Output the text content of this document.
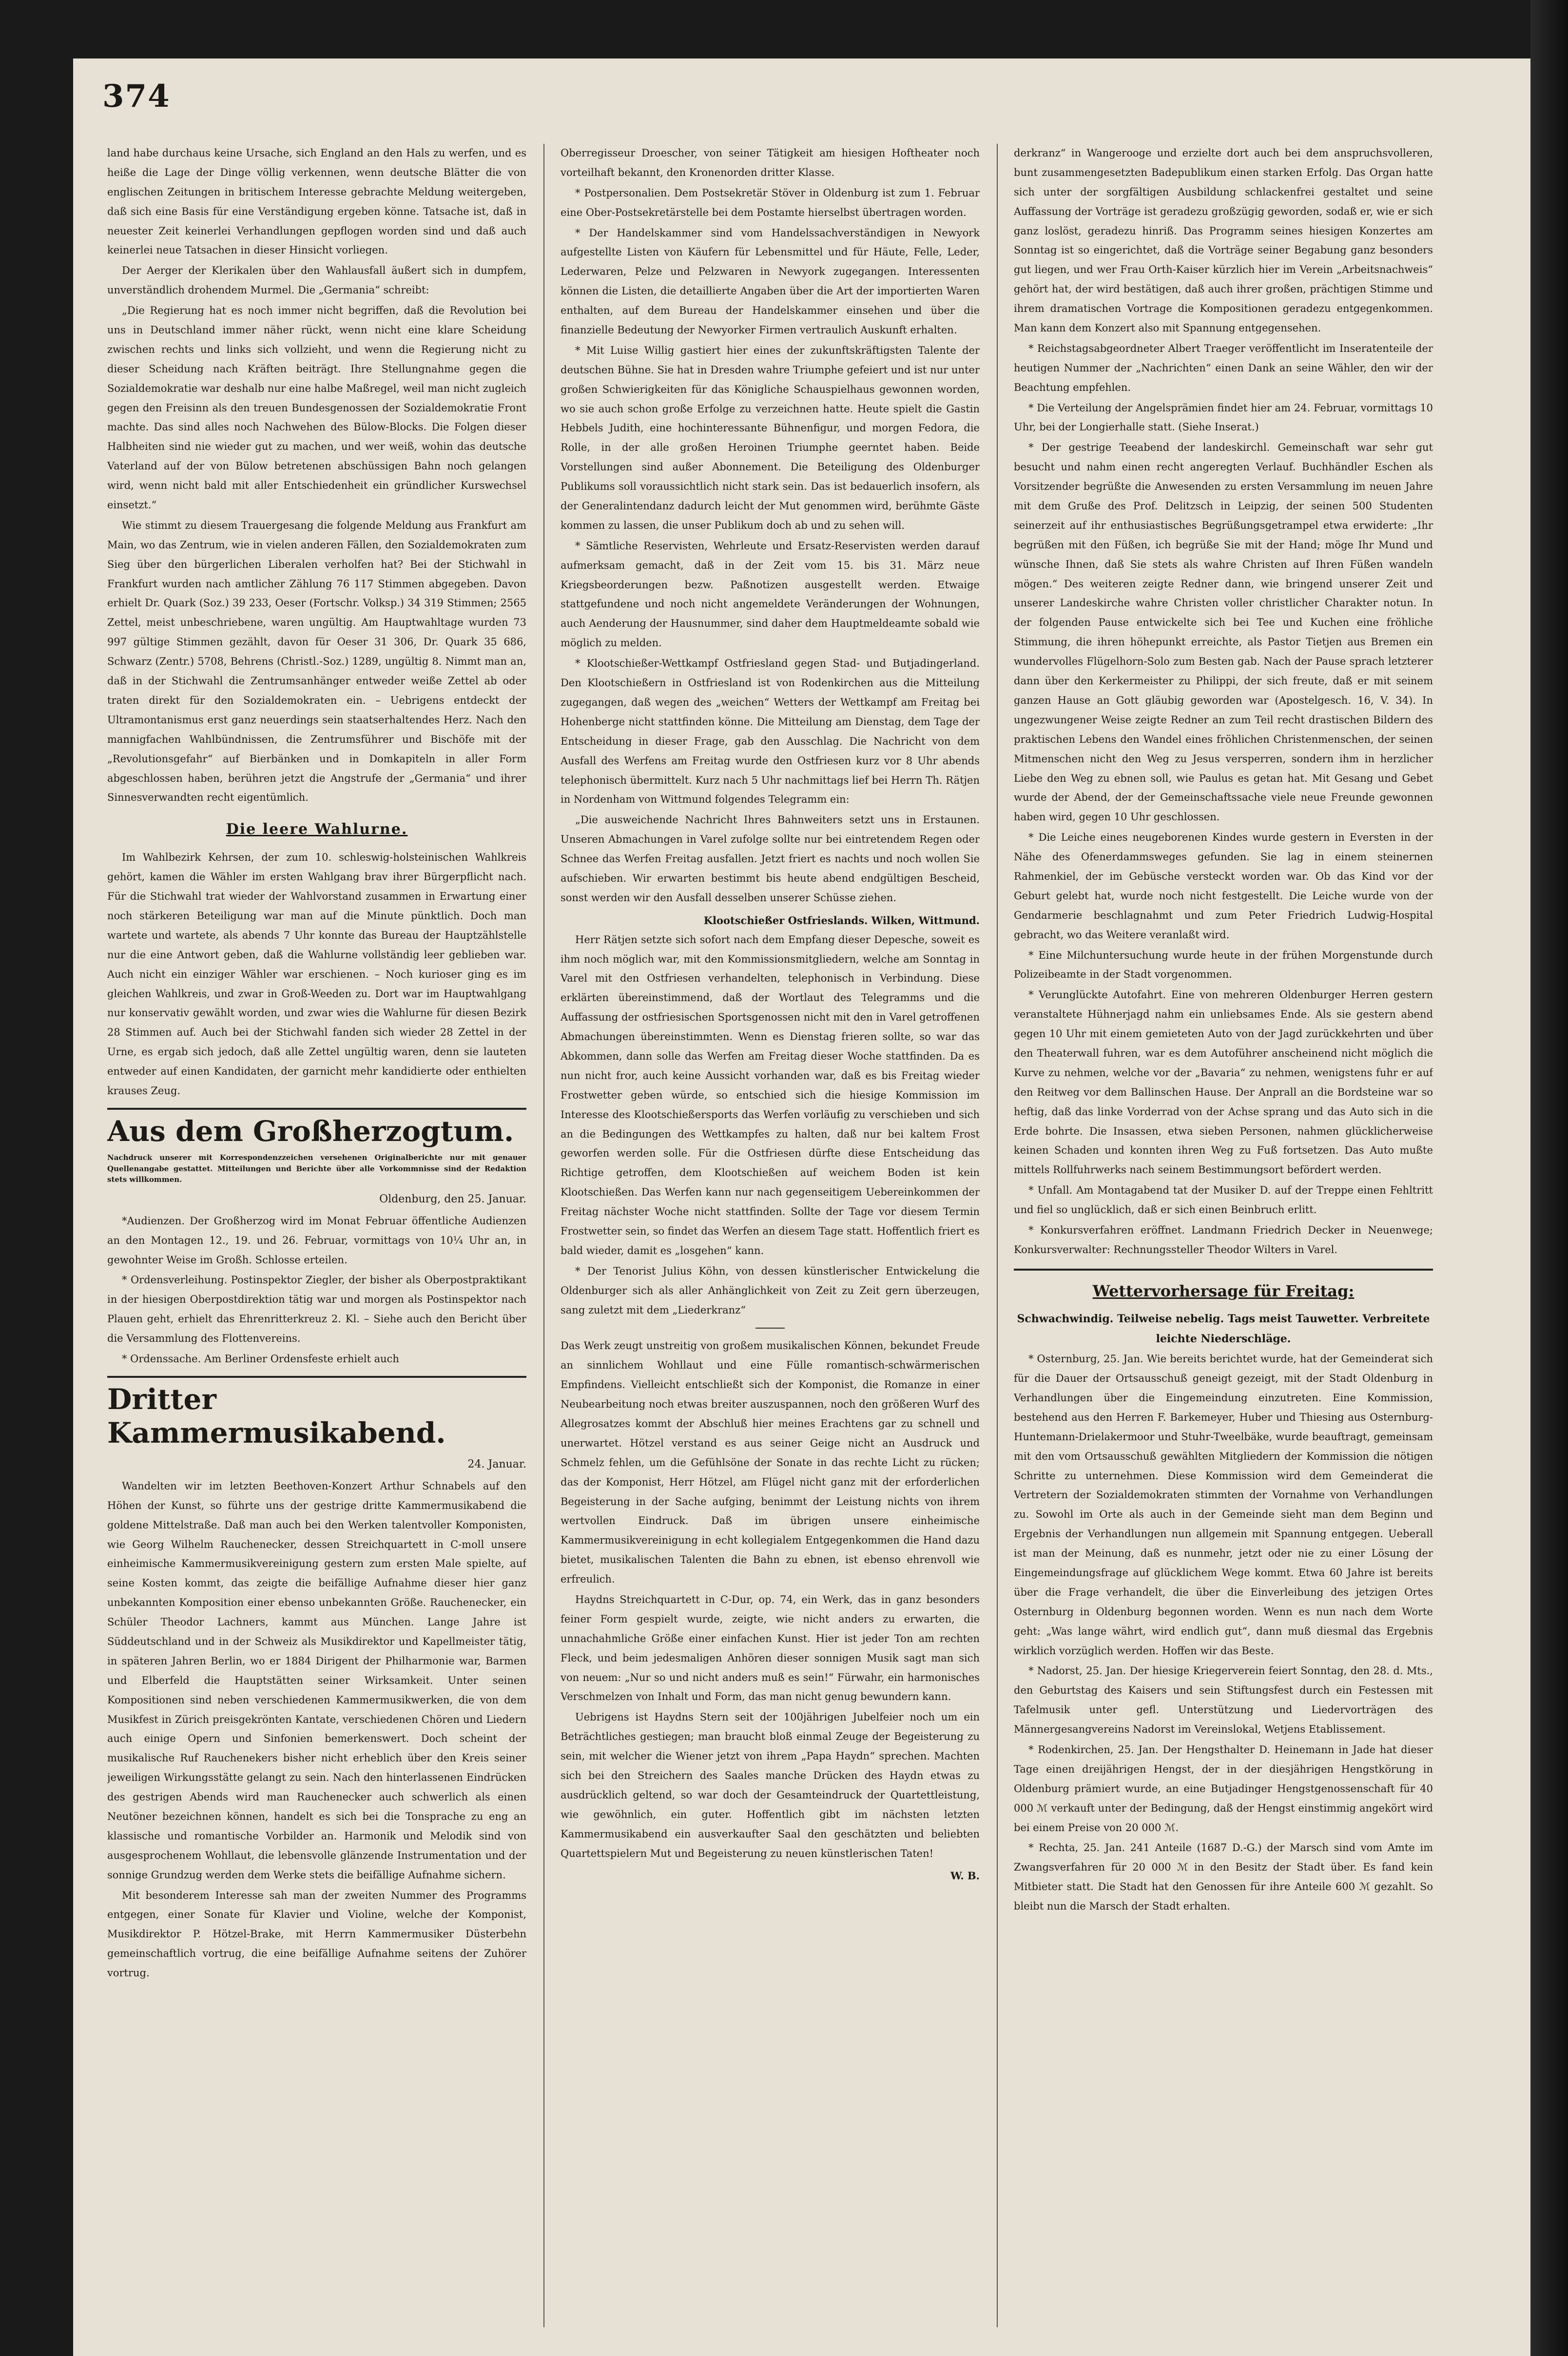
374

land habe durchaus keine Ursache, sich England an den Hals zu werfen, und es heiße die Lage der Dinge völlig verkennen, wenn deutsche Blätter die von englischen Zeitungen in britischem Interesse gebrachte Meldung weitergeben, daß sich eine Basis für eine Verständigung ergeben könne. Tatsache ist, daß in neuester Zeit keinerlei Verhandlungen gepflogen worden sind und daß auch keinerlei neue Tatsachen in dieser Hinsicht vorliegen.

Der Aerger der Klerikalen über den Wahlausfall äußert sich in dumpfem, unverständlich drohendem Murmel. Die „Germania“ schreibt:

„Die Regierung hat es noch immer nicht begriffen, daß die Revolution bei uns in Deutschland immer näher rückt, wenn nicht eine klare Scheidung zwischen rechts und links sich vollzieht, und wenn die Regierung nicht zu dieser Scheidung nach Kräften beiträgt. Ihre Stellungnahme gegen die Sozialdemokratie war deshalb nur eine halbe Maßregel, weil man nicht zugleich gegen den Freisinn als den treuen Bundesgenossen der Sozialdemokratie Front machte. Das sind alles noch Nachwehen des Bülow-Blocks. Die Folgen dieser Halbheiten sind nie wieder gut zu machen, und wer weiß, wohin das deutsche Vaterland auf der von Bülow betretenen abschüssigen Bahn noch gelangen wird, wenn nicht bald mit aller Entschiedenheit ein gründlicher Kurswechsel einsetzt.“

Wie stimmt zu diesem Trauergesang die folgende Meldung aus Frankfurt am Main, wo das Zentrum, wie in vielen anderen Fällen, den Sozialdemokraten zum Sieg über den bürgerlichen Liberalen verholfen hat? Bei der Stichwahl in Frankfurt wurden nach amtlicher Zählung 76 117 Stimmen abgegeben. Davon erhielt Dr. Quark (Soz.) 39 233, Oeser (Fortschr. Volksp.) 34 319 Stimmen; 2565 Zettel, meist unbeschriebene, waren ungültig. Am Hauptwahltage wurden 73 997 gültige Stimmen gezählt, davon für Oeser 31 306, Dr. Quark 35 686, Schwarz (Zentr.) 5708, Behrens (Christl.-Soz.) 1289, ungültig 8. Nimmt man an, daß in der Stichwahl die Zentrumsanhänger entweder weiße Zettel ab oder traten direkt für den Sozialdemokraten ein. – Uebrigens entdeckt der Ultramontanismus erst ganz neuerdings sein staatserhaltendes Herz. Nach den mannigfachen Wahlbündnissen, die Zentrumsführer und Bischöfe mit der „Revolutionsgefahr“ auf Bierbänken und in Domkapiteln in aller Form abgeschlossen haben, berühren jetzt die Angstrufe der „Germania“ und ihrer Sinnesverwandten recht eigentümlich.

Die leere Wahlurne.

Im Wahlbezirk Kehrsen, der zum 10. schleswig-holsteinischen Wahlkreis gehört, kamen die Wähler im ersten Wahlgang brav ihrer Bürgerpflicht nach. Für die Stichwahl trat wieder der Wahlvorstand zusammen in Erwartung einer noch stärkeren Beteiligung war man auf die Minute pünktlich. Doch man wartete und wartete, als abends 7 Uhr konnte das Bureau der Hauptzählstelle nur die eine Antwort geben, daß die Wahlurne vollständig leer geblieben war. Auch nicht ein einziger Wähler war erschienen. – Noch kurioser ging es im gleichen Wahlkreis, und zwar in Groß-Weeden zu. Dort war im Hauptwahlgang nur konservativ gewählt worden, und zwar wies die Wahlurne für diesen Bezirk 28 Stimmen auf. Auch bei der Stichwahl fanden sich wieder 28 Zettel in der Urne, es ergab sich jedoch, daß alle Zettel ungültig waren, denn sie lauteten entweder auf einen Kandidaten, der garnicht mehr kandidierte oder enthielten krauses Zeug.

Aus dem Großherzogtum.
Nachdruck unserer mit Korrespondenzzeichen versehenen Originalberichte nur mit genauer Quellenangabe gestattet. Mitteilungen und Berichte über alle Vorkommnisse sind der Redaktion stets willkommen.
Oldenburg, den 25. Januar.

*Audienzen. Der Großherzog wird im Monat Februar öffentliche Audienzen an den Montagen 12., 19. und 26. Februar, vormittags von 10¼ Uhr an, in gewohnter Weise im Großh. Schlosse erteilen.

* Ordensverleihung. Postinspektor Ziegler, der bisher als Oberpostpraktikant in der hiesigen Oberpostdirektion tätig war und morgen als Postinspektor nach Plauen geht, erhielt das Ehrenritterkreuz 2. Kl. – Siehe auch den Bericht über die Versammlung des Flottenvereins.

* Ordenssache. Am Berliner Ordensfeste erhielt auch

Dritter Kammermusikabend.
24. Januar.

Wandelten wir im letzten Beethoven-Konzert Arthur Schnabels auf den Höhen der Kunst, so führte uns der gestrige dritte Kammermusikabend die goldene Mittelstraße. Daß man auch bei den Werken talentvoller Komponisten, wie Georg Wilhelm Rauchenecker, dessen Streichquartett in C-moll unsere einheimische Kammermusikvereinigung gestern zum ersten Male spielte, auf seine Kosten kommt, das zeigte die beifällige Aufnahme dieser hier ganz unbekannten Komposition einer ebenso unbekannten Größe. Rauchenecker, ein Schüler Theodor Lachners, kammt aus München. Lange Jahre ist Süddeutschland und in der Schweiz als Musikdirektor und Kapellmeister tätig, in späteren Jahren Berlin, wo er 1884 Dirigent der Philharmonie war, Barmen und Elberfeld die Hauptstätten seiner Wirksamkeit. Unter seinen Kompositionen sind neben verschiedenen Kammermusikwerken, die von dem Musikfest in Zürich preisgekrönten Kantate, verschiedenen Chören und Liedern auch einige Opern und Sinfonien bemerkenswert. Doch scheint der musikalische Ruf Rauchenekers bisher nicht erheblich über den Kreis seiner jeweiligen Wirkungsstätte gelangt zu sein. Nach den hinterlassenen Eindrücken des gestrigen Abends wird man Rauchenecker auch schwerlich als einen Neutöner bezeichnen können, handelt es sich bei die Tonsprache zu eng an klassische und romantische Vorbilder an. Harmonik und Melodik sind von ausgesprochenem Wohllaut, die lebensvolle glänzende Instrumentation und der sonnige Grundzug werden dem Werke stets die beifällige Aufnahme sichern.

Mit besonderem Interesse sah man der zweiten Nummer des Programms entgegen, einer Sonate für Klavier und Violine, welche der Komponist, Musikdirektor P. Hötzel-Brake, mit Herrn Kammermusiker Düsterbehn gemeinschaftlich vortrug, die eine beifällige Aufnahme seitens der Zuhörer vortrug.

Oberregisseur Droescher, von seiner Tätigkeit am hiesigen Hoftheater noch vorteilhaft bekannt, den Kronenorden dritter Klasse.

* Postpersonalien. Dem Postsekretär Stöver in Oldenburg ist zum 1. Februar eine Ober-Postsekretärstelle bei dem Postamte hierselbst übertragen worden.

* Der Handelskammer sind vom Handelssachverständigen in Newyork aufgestellte Listen von Käufern für Lebensmittel und für Häute, Felle, Leder, Lederwaren, Pelze und Pelzwaren in Newyork zugegangen. Interessenten können die Listen, die detaillierte Angaben über die Art der importierten Waren enthalten, auf dem Bureau der Handelskammer einsehen und über die finanzielle Bedeutung der Newyorker Firmen vertraulich Auskunft erhalten.

* Mit Luise Willig gastiert hier eines der zukunftskräftigsten Talente der deutschen Bühne. Sie hat in Dresden wahre Triumphe gefeiert und ist nur unter großen Schwierigkeiten für das Königliche Schauspielhaus gewonnen worden, wo sie auch schon große Erfolge zu verzeichnen hatte. Heute spielt die Gastin Hebbels Judith, eine hochinteressante Bühnenfigur, und morgen Fedora, die Rolle, in der alle großen Heroinen Triumphe geerntet haben. Beide Vorstellungen sind außer Abonnement. Die Beteiligung des Oldenburger Publikums soll voraussichtlich nicht stark sein. Das ist bedauerlich insofern, als der Generalintendanz dadurch leicht der Mut genommen wird, berühmte Gäste kommen zu lassen, die unser Publikum doch ab und zu sehen will.

* Sämtliche Reservisten, Wehrleute und Ersatz-Reservisten werden darauf aufmerksam gemacht, daß in der Zeit vom 15. bis 31. März neue Kriegsbeorderungen bezw. Paßnotizen ausgestellt werden. Etwaige stattgefundene und noch nicht angemeldete Veränderungen der Wohnungen, auch Aenderung der Hausnummer, sind daher dem Hauptmeldeamte sobald wie möglich zu melden.

* Klootschießer-Wettkampf Ostfriesland gegen Stad- und Butjadingerland. Den Klootschießern in Ostfriesland ist von Rodenkirchen aus die Mitteilung zugegangen, daß wegen des „weichen“ Wetters der Wettkampf am Freitag bei Hohenberge nicht stattfinden könne. Die Mitteilung am Dienstag, dem Tage der Entscheidung in dieser Frage, gab den Ausschlag. Die Nachricht von dem Ausfall des Werfens am Freitag wurde den Ostfriesen kurz vor 8 Uhr abends telephonisch übermittelt. Kurz nach 5 Uhr nachmittags lief bei Herrn Th. Rätjen in Nordenham von Wittmund folgendes Telegramm ein:

„Die ausweichende Nachricht Ihres Bahnweiters setzt uns in Erstaunen. Unseren Abmachungen in Varel zufolge sollte nur bei eintretendem Regen oder Schnee das Werfen Freitag ausfallen. Jetzt friert es nachts und noch wollen Sie aufschieben. Wir erwarten bestimmt bis heute abend endgültigen Bescheid, sonst werden wir den Ausfall desselben unserer Schüsse ziehen.

Klootschießer Ostfrieslands. Wilken, Wittmund.

Herr Rätjen setzte sich sofort nach dem Empfang dieser Depesche, soweit es ihm noch möglich war, mit den Kommissionsmitgliedern, welche am Sonntag in Varel mit den Ostfriesen verhandelten, telephonisch in Verbindung. Diese erklärten übereinstimmend, daß der Wortlaut des Telegramms und die Auffassung der ostfriesischen Sportsgenossen nicht mit den in Varel getroffenen Abmachungen übereinstimmten. Wenn es Dienstag frieren sollte, so war das Abkommen, dann solle das Werfen am Freitag dieser Woche stattfinden. Da es nun nicht fror, auch keine Aussicht vorhanden war, daß es bis Freitag wieder Frostwetter geben würde, so entschied sich die hiesige Kommission im Interesse des Klootschießersports das Werfen vorläufig zu verschieben und sich an die Bedingungen des Wettkampfes zu halten, daß nur bei kaltem Frost geworfen werden solle. Für die Ostfriesen dürfte diese Entscheidung das Richtige getroffen, dem Klootschießen auf weichem Boden ist kein Klootschießen. Das Werfen kann nur nach gegenseitigem Uebereinkommen der Freitag nächster Woche nicht stattfinden. Sollte der Tage vor diesem Termin Frostwetter sein, so findet das Werfen an diesem Tage statt. Hoffentlich friert es bald wieder, damit es „losgehen“ kann.

* Der Tenorist Julius Köhn, von dessen künstlerischer Entwickelung die Oldenburger sich als aller Anhänglichkeit von Zeit zu Zeit gern überzeugen, sang zuletzt mit dem „Liederkranz“

Das Werk zeugt unstreitig von großem musikalischen Können, bekundet Freude an sinnlichem Wohllaut und eine Fülle romantisch-schwärmerischen Empfindens. Vielleicht entschließt sich der Komponist, die Romanze in einer Neubearbeitung noch etwas breiter auszuspannen, noch den größeren Wurf des Allegrosatzes kommt der Abschluß hier meines Erachtens gar zu schnell und unerwartet. Hötzel verstand es aus seiner Geige nicht an Ausdruck und Schmelz fehlen, um die Gefühlsöne der Sonate in das rechte Licht zu rücken; das der Komponist, Herr Hötzel, am Flügel nicht ganz mit der erforderlichen Begeisterung in der Sache aufging, benimmt der Leistung nichts von ihrem wertvollen Eindruck. Daß im übrigen unsere einheimische Kammermusikvereinigung in echt kollegialem Entgegenkommen die Hand dazu bietet, musikalischen Talenten die Bahn zu ebnen, ist ebenso ehrenvoll wie erfreulich.

Haydns Streichquartett in C-Dur, op. 74, ein Werk, das in ganz besonders feiner Form gespielt wurde, zeigte, wie nicht anders zu erwarten, die unnachahmliche Größe einer einfachen Kunst. Hier ist jeder Ton am rechten Fleck, und beim jedesmaligen Anhören dieser sonnigen Musik sagt man sich von neuem: „Nur so und nicht anders muß es sein!“ Fürwahr, ein harmonisches Verschmelzen von Inhalt und Form, das man nicht genug bewundern kann.

Uebrigens ist Haydns Stern seit der 100jährigen Jubelfeier noch um ein Beträchtliches gestiegen; man braucht bloß einmal Zeuge der Begeisterung zu sein, mit welcher die Wiener jetzt von ihrem „Papa Haydn“ sprechen. Machten sich bei den Streichern des Saales manche Drücken des Haydn etwas zu ausdrücklich geltend, so war doch der Gesamteindruck der Quartettleistung, wie gewöhnlich, ein guter. Hoffentlich gibt im nächsten letzten Kammermusikabend ein ausverkaufter Saal den geschätzten und beliebten Quartettspielern Mut und Begeisterung zu neuen künstlerischen Taten!

W. B.

derkranz“ in Wangerooge und erzielte dort auch bei dem anspruchsvolleren, bunt zusammengesetzten Badepublikum einen starken Erfolg. Das Organ hatte sich unter der sorgfältigen Ausbildung schlackenfrei gestaltet und seine Auffassung der Vorträge ist geradezu großzügig geworden, sodaß er, wie er sich ganz loslöst, geradezu hinriß. Das Programm seines hiesigen Konzertes am Sonntag ist so eingerichtet, daß die Vorträge seiner Begabung ganz besonders gut liegen, und wer Frau Orth-Kaiser kürzlich hier im Verein „Arbeitsnachweis“ gehört hat, der wird bestätigen, daß auch ihrer großen, prächtigen Stimme und ihrem dramatischen Vortrage die Kompositionen geradezu entgegenkommen. Man kann dem Konzert also mit Spannung entgegensehen.

* Reichstagsabgeordneter Albert Traeger veröffentlicht im Inseratenteile der heutigen Nummer der „Nachrichten“ einen Dank an seine Wähler, den wir der Beachtung empfehlen.

* Die Verteilung der Angelsprämien findet hier am 24. Februar, vormittags 10 Uhr, bei der Longierhalle statt. (Siehe Inserat.)

* Der gestrige Teeabend der landeskirchl. Gemeinschaft war sehr gut besucht und nahm einen recht angeregten Verlauf. Buchhändler Eschen als Vorsitzender begrüßte die Anwesenden zu ersten Versammlung im neuen Jahre mit dem Gruße des Prof. Delitzsch in Leipzig, der seinen 500 Studenten seinerzeit auf ihr enthusiastisches Begrüßungsgetrampel etwa erwiderte: „Ihr begrüßen mit den Füßen, ich begrüße Sie mit der Hand; möge Ihr Mund und wünsche Ihnen, daß Sie stets als wahre Christen auf Ihren Füßen wandeln mögen.“ Des weiteren zeigte Redner dann, wie bringend unserer Zeit und unserer Landeskirche wahre Christen voller christlicher Charakter notun. In der folgenden Pause entwickelte sich bei Tee und Kuchen eine fröhliche Stimmung, die ihren höhepunkt erreichte, als Pastor Tietjen aus Bremen ein wundervolles Flügelhorn-Solo zum Besten gab. Nach der Pause sprach letzterer dann über den Kerkermeister zu Philippi, der sich freute, daß er mit seinem ganzen Hause an Gott gläubig geworden war (Apostelgesch. 16, V. 34). In ungezwungener Weise zeigte Redner an zum Teil recht drastischen Bildern des praktischen Lebens den Wandel eines fröhlichen Christenmenschen, der seinen Mitmenschen nicht den Weg zu Jesus versperren, sondern ihm in herzlicher Liebe den Weg zu ebnen soll, wie Paulus es getan hat. Mit Gesang und Gebet wurde der Abend, der der Gemeinschaftssache viele neue Freunde gewonnen haben wird, gegen 10 Uhr geschlossen.

* Die Leiche eines neugeborenen Kindes wurde gestern in Eversten in der Nähe des Ofenerdammsweges gefunden. Sie lag in einem steinernen Rahmenkiel, der im Gebüsche versteckt worden war. Ob das Kind vor der Geburt gelebt hat, wurde noch nicht festgestellt. Die Leiche wurde von der Gendarmerie beschlagnahmt und zum Peter Friedrich Ludwig-Hospital gebracht, wo das Weitere veranlaßt wird.

* Eine Milchuntersuchung wurde heute in der frühen Morgenstunde durch Polizeibeamte in der Stadt vorgenommen.

* Verunglückte Autofahrt. Eine von mehreren Oldenburger Herren gestern veranstaltete Hühnerjagd nahm ein unliebsames Ende. Als sie gestern abend gegen 10 Uhr mit einem gemieteten Auto von der Jagd zurückkehrten und über den Theaterwall fuhren, war es dem Autoführer anscheinend nicht möglich die Kurve zu nehmen, welche vor der „Bavaria“ zu nehmen, wenigstens fuhr er auf den Reitweg vor dem Ballinschen Hause. Der Anprall an die Bordsteine war so heftig, daß das linke Vorderrad von der Achse sprang und das Auto sich in die Erde bohrte. Die Insassen, etwa sieben Personen, nahmen glücklicherweise keinen Schaden und konnten ihren Weg zu Fuß fortsetzen. Das Auto mußte mittels Rollfuhrwerks nach seinem Bestimmungsort befördert werden.

* Unfall. Am Montagabend tat der Musiker D. auf der Treppe einen Fehltritt und fiel so unglücklich, daß er sich einen Beinbruch erlitt.

* Konkursverfahren eröffnet. Landmann Friedrich Decker in Neuenwege; Konkursverwalter: Rechnungssteller Theodor Wilters in Varel.

Wettervorhersage für Freitag:
Schwachwindig. Teilweise nebelig. Tags meist Tauwetter. Verbreitete leichte Niederschläge.

* Osternburg, 25. Jan. Wie bereits berichtet wurde, hat der Gemeinderat sich für die Dauer der Ortsausschuß geneigt gezeigt, mit der Stadt Oldenburg in Verhandlungen über die Eingemeindung einzutreten. Eine Kommission, bestehend aus den Herren F. Barkemeyer, Huber und Thiesing aus Osternburg-Huntemann-Drielakermoor und Stuhr-Tweelbäke, wurde beauftragt, gemeinsam mit den vom Ortsausschuß gewählten Mitgliedern der Kommission die nötigen Schritte zu unternehmen. Diese Kommission wird dem Gemeinderat die Vertretern der Sozialdemokraten stimmten der Vornahme von Verhandlungen zu. Sowohl im Orte als auch in der Gemeinde sieht man dem Beginn und Ergebnis der Verhandlungen nun allgemein mit Spannung entgegen. Ueberall ist man der Meinung, daß es nunmehr, jetzt oder nie zu einer Lösung der Eingemeindungsfrage auf glücklichem Wege kommt. Etwa 60 Jahre ist bereits über die Frage verhandelt, die über die Einverleibung des jetzigen Ortes Osternburg in Oldenburg begonnen worden. Wenn es nun nach dem Worte geht: „Was lange währt, wird endlich gut“, dann muß diesmal das Ergebnis wirklich vorzüglich werden. Hoffen wir das Beste.

* Nadorst, 25. Jan. Der hiesige Kriegerverein feiert Sonntag, den 28. d. Mts., den Geburtstag des Kaisers und sein Stiftungsfest durch ein Festessen mit Tafelmusik unter gefl. Unterstützung und Liedervorträgen des Männergesangvereins Nadorst im Vereinslokal, Wetjens Etablissement.

* Rodenkirchen, 25. Jan. Der Hengsthalter D. Heinemann in Jade hat dieser Tage einen dreijährigen Hengst, der in der diesjährigen Hengstkörung in Oldenburg prämiert wurde, an eine Butjadinger Hengstgenossenschaft für 40 000 ℳ verkauft unter der Bedingung, daß der Hengst einstimmig angekört wird bei einem Preise von 20 000 ℳ.

* Rechta, 25. Jan. 241 Anteile (1687 D.-G.) der Marsch sind vom Amte im Zwangsverfahren für 20 000 ℳ in den Besitz der Stadt über. Es fand kein Mitbieter statt. Die Stadt hat den Genossen für ihre Anteile 600 ℳ gezahlt. So bleibt nun die Marsch der Stadt erhalten.
